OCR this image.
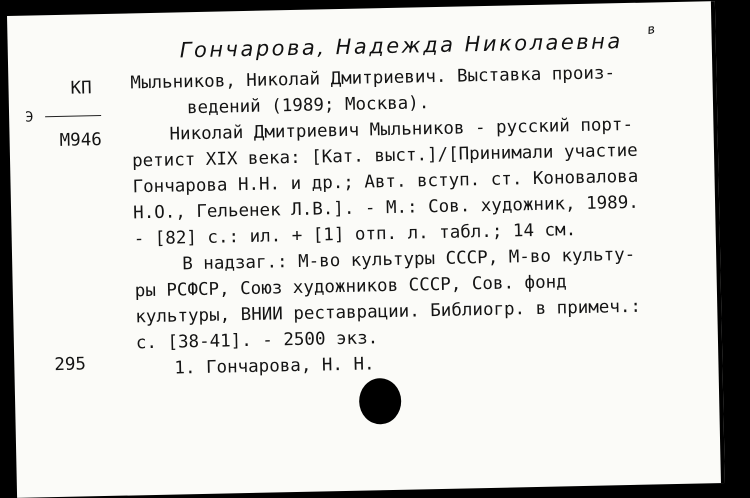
Гончарова, Надежда Николаевна в
КП
Э
М946
295
Мыльников, Николай Дмитриевич. Выставка произ-
ведений (1989; Москва).
Николай Дмитриевич Мыльников - русский порт-
ретист XIX века: [Кат. выст.]/[Принимали участие
Гончарова Н.Н. и др.; Авт. вступ. ст. Коновалова
Н.О., Гельенек Л.В.]. - М.: Сов. художник, 1989.
- [82] с.: ил. + [1] отп. л. табл.; 14 см.
В надзаг.: М-во культуры СССР, М-во культу-
ры РСФСР, Союз художников СССР, Сов. фонд
культуры, ВНИИ реставрации. Библиогр. в примеч.:
с. [38-41]. - 2500 экз.
1. Гончарова, Н. Н.
